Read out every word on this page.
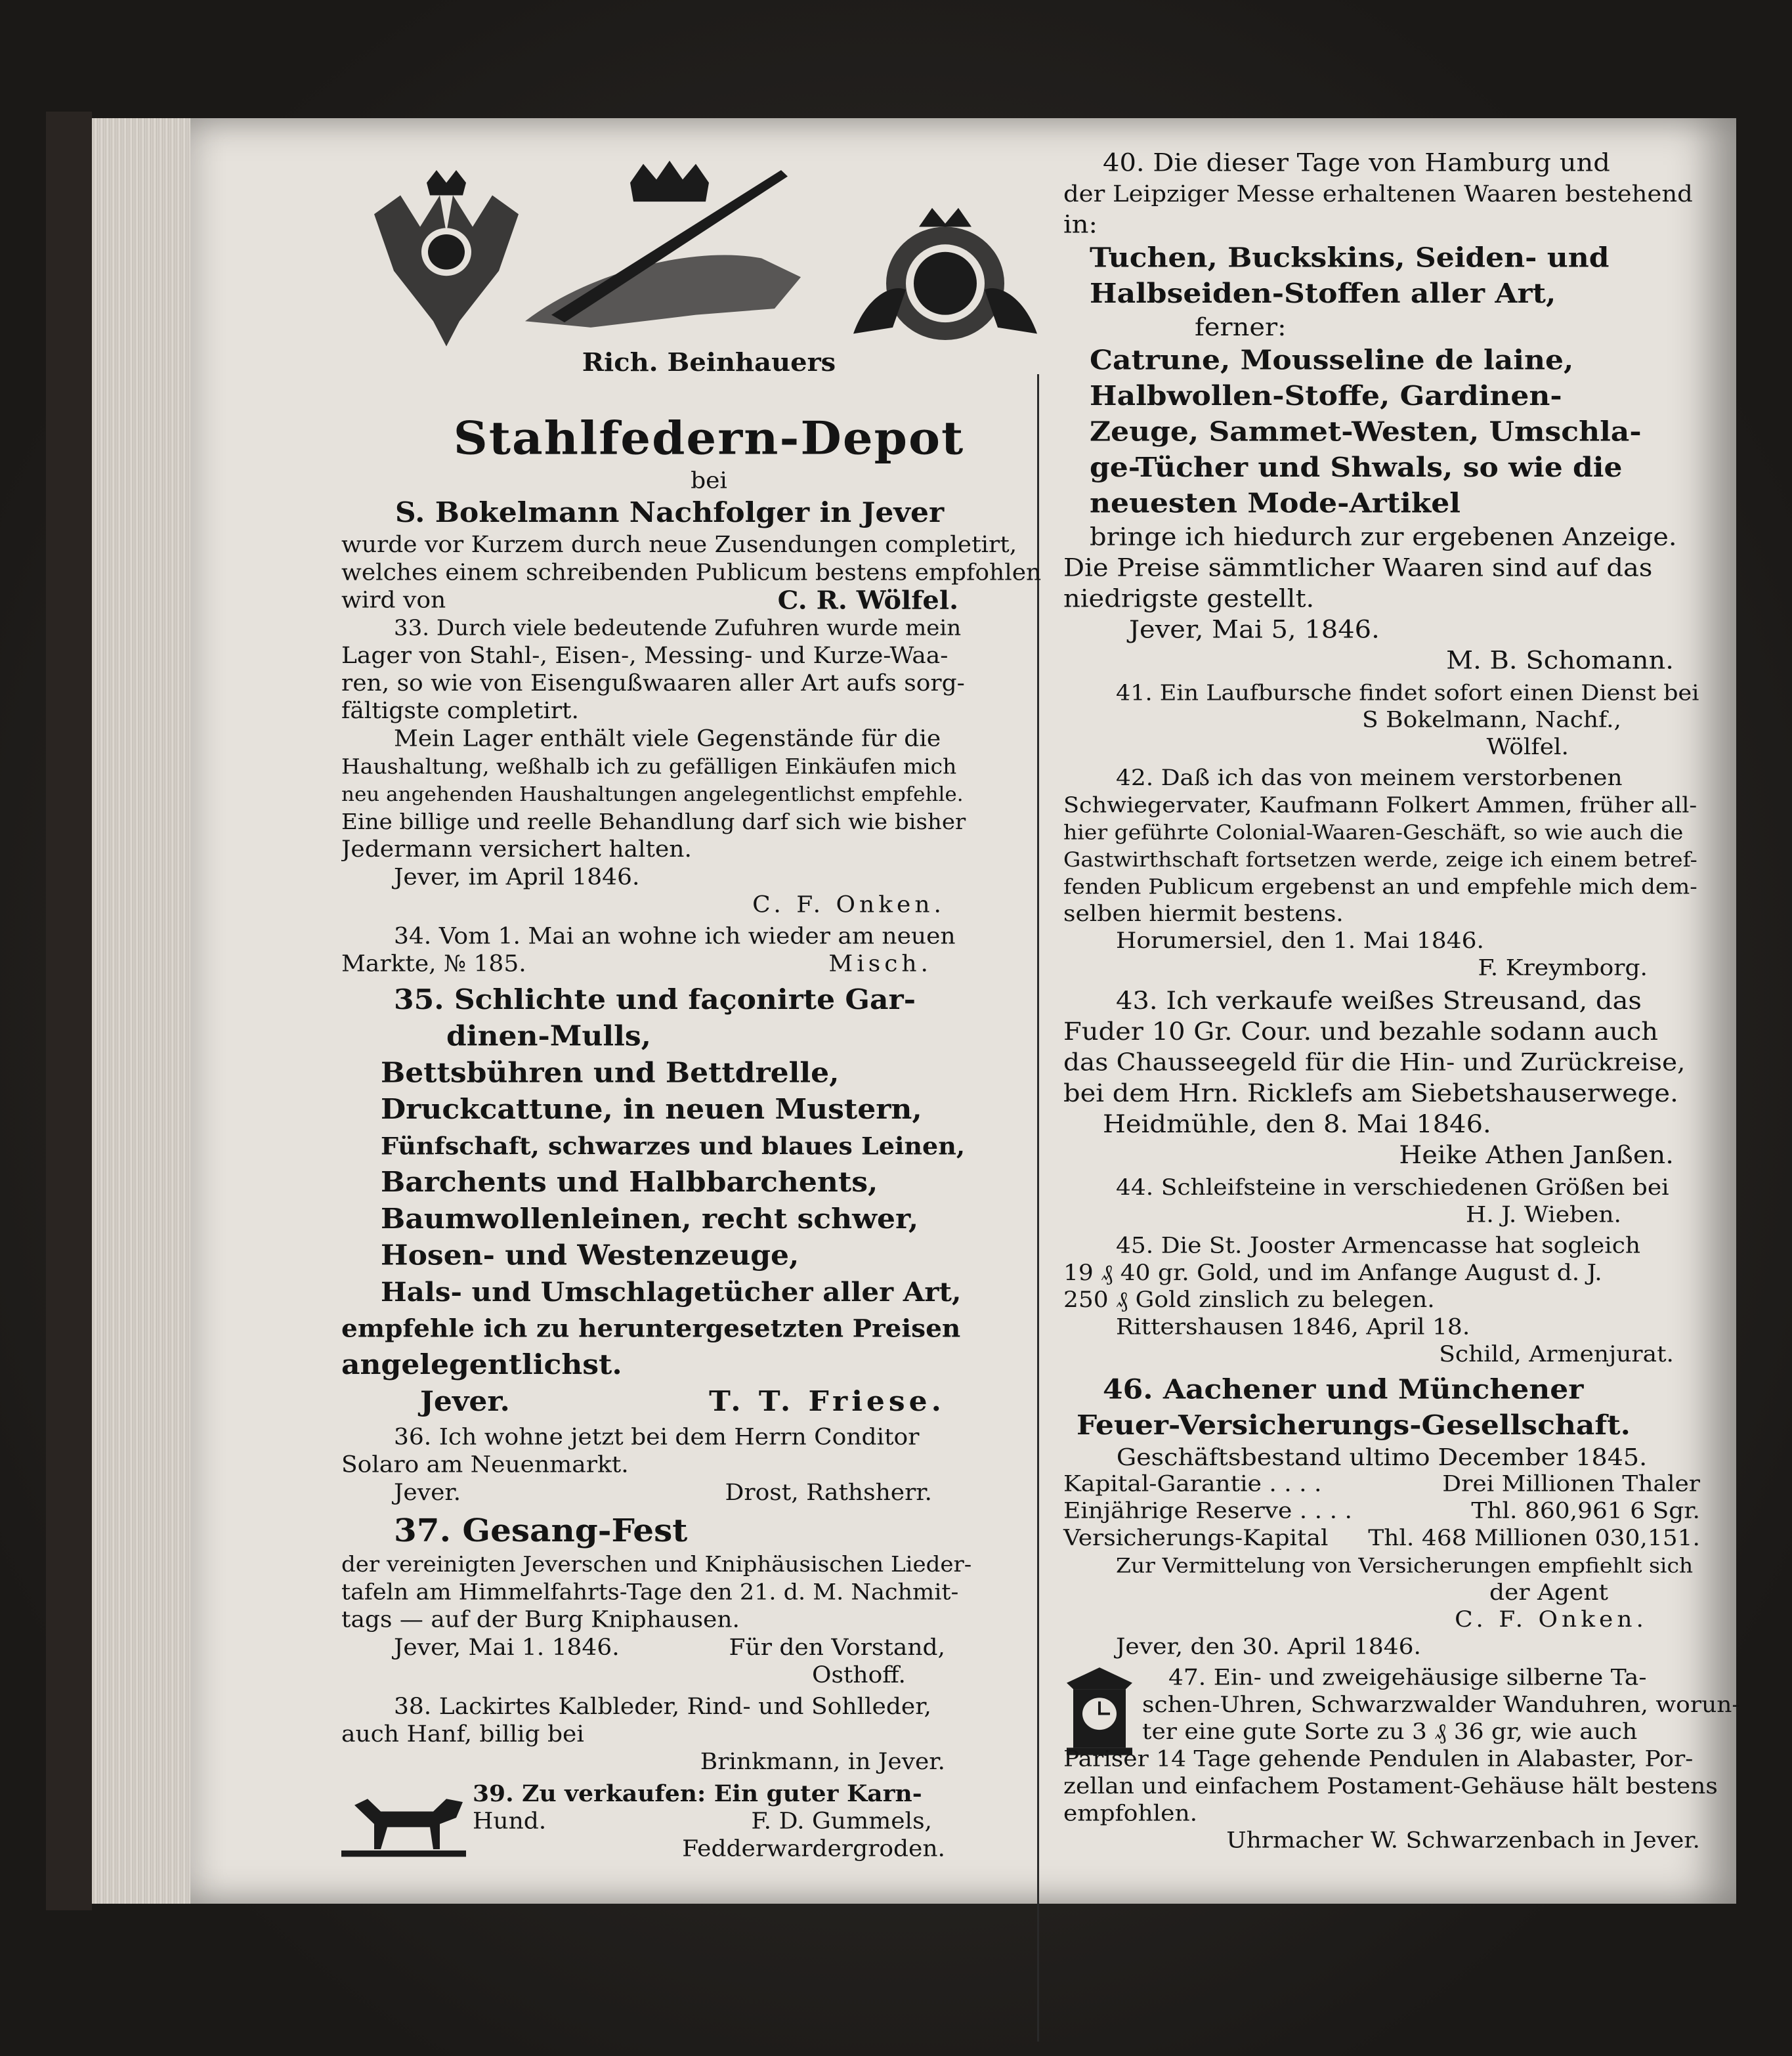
Rich. Beinhauers
Stahlfedern-Depot
bei
S. Bokelmann Nachfolger in Jever
wurde vor Kurzem durch neue Zusendungen completirt,
welches einem schreibenden Publicum bestens empfohlen
wird von	C. R. Wölfel.
33. Durch viele bedeutende Zufuhren wurde mein
Lager von Stahl-, Eisen-, Messing- und Kurze-Waa-
ren, so wie von Eisengußwaaren aller Art aufs sorg-
fältigste completirt.
Mein Lager enthält viele Gegenstände für die
Haushaltung, weßhalb ich zu gefälligen Einkäufen mich
neu angehenden Haushaltungen angelegentlichst empfehle.
Eine billige und reelle Behandlung darf sich wie bisher
Jedermann versichert halten.
Jever, im April 1846.
C. F. Onken.
34. Vom 1. Mai an wohne ich wieder am neuen
Markte, № 185.	Misch.
35. Schlichte und façonirte Gar-
dinen-Mulls,
Bettsbühren und Bettdrelle,
Druckcattune, in neuen Mustern,
Fünfschaft, schwarzes und blaues Leinen,
Barchents und Halbbarchents,
Baumwollenleinen, recht schwer,
Hosen- und Westenzeuge,
Hals- und Umschlagetücher aller Art,
empfehle ich zu heruntergesetzten Preisen
angelegentlichst.
Jever.	T. T. Friese.
36. Ich wohne jetzt bei dem Herrn Conditor
Solaro am Neuenmarkt.
Jever.	Drost, Rathsherr.
37. Gesang-Fest
der vereinigten Jeverschen und Kniphäusischen Lieder-
tafeln am Himmelfahrts-Tage den 21. d. M. Nachmit-
tags — auf der Burg Kniphausen.
Jever, Mai 1. 1846.	Für den Vorstand,
Osthoff.
38. Lackirtes Kalbleder, Rind- und Sohlleder,
auch Hanf, billig bei
Brinkmann, in Jever.
39. Zu verkaufen: Ein guter Karn-
Hund.	F. D. Gummels,
Fedderwardergroden.
40. Die dieser Tage von Hamburg und
der Leipziger Messe erhaltenen Waaren bestehend
in:
Tuchen, Buckskins, Seiden- und
Halbseiden-Stoffen aller Art,
ferner:
Catrune, Mousseline de laine,
Halbwollen-Stoffe, Gardinen-
Zeuge, Sammet-Westen, Umschla-
ge-Tücher und Shwals, so wie die
neuesten Mode-Artikel
bringe ich hiedurch zur ergebenen Anzeige.
Die Preise sämmtlicher Waaren sind auf das
niedrigste gestellt.
Jever, Mai 5, 1846.
M. B. Schomann.
41. Ein Laufbursche findet sofort einen Dienst bei
S Bokelmann, Nachf.,
Wölfel.
42. Daß ich das von meinem verstorbenen
Schwiegervater, Kaufmann Folkert Ammen, früher all-
hier geführte Colonial-Waaren-Geschäft, so wie auch die
Gastwirthschaft fortsetzen werde, zeige ich einem betref-
fenden Publicum ergebenst an und empfehle mich dem-
selben hiermit bestens.
Horumersiel, den 1. Mai 1846.
F. Kreymborg.
43. Ich verkaufe weißes Streusand, das
Fuder 10 Gr. Cour. und bezahle sodann auch
das Chausseegeld für die Hin- und Zurückreise,
bei dem Hrn. Ricklefs am Siebetshauserwege.
Heidmühle, den 8. Mai 1846.
Heike Athen Janßen.
44. Schleifsteine in verschiedenen Größen bei
H. J. Wieben.
45. Die St. Jooster Armencasse hat sogleich
19 ₰ 40 gr. Gold, und im Anfange August d. J.
250 ₰ Gold zinslich zu belegen.
Rittershausen 1846, April 18.
Schild, Armenjurat.
46. Aachener und Münchener
Feuer-Versicherungs-Gesellschaft.
Geschäftsbestand ultimo December 1845.
Kapital-Garantie . . . .	Drei Millionen Thaler
Einjährige Reserve . . . .	Thl. 860,961 6 Sgr.
Versicherungs-Kapital Thl. 468 Millionen 030,151.
Zur Vermittelung von Versicherungen empfiehlt sich
der Agent
C. F. Onken.
Jever, den 30. April 1846.
47. Ein- und zweigehäusige silberne Ta-
schen-Uhren, Schwarzwalder Wanduhren, worun-
ter eine gute Sorte zu 3 ₰ 36 gr, wie auch
Pariser 14 Tage gehende Pendulen in Alabaster, Por-
zellan und einfachem Postament-Gehäuse hält bestens
empfohlen.
Uhrmacher W. Schwarzenbach in Jever.
